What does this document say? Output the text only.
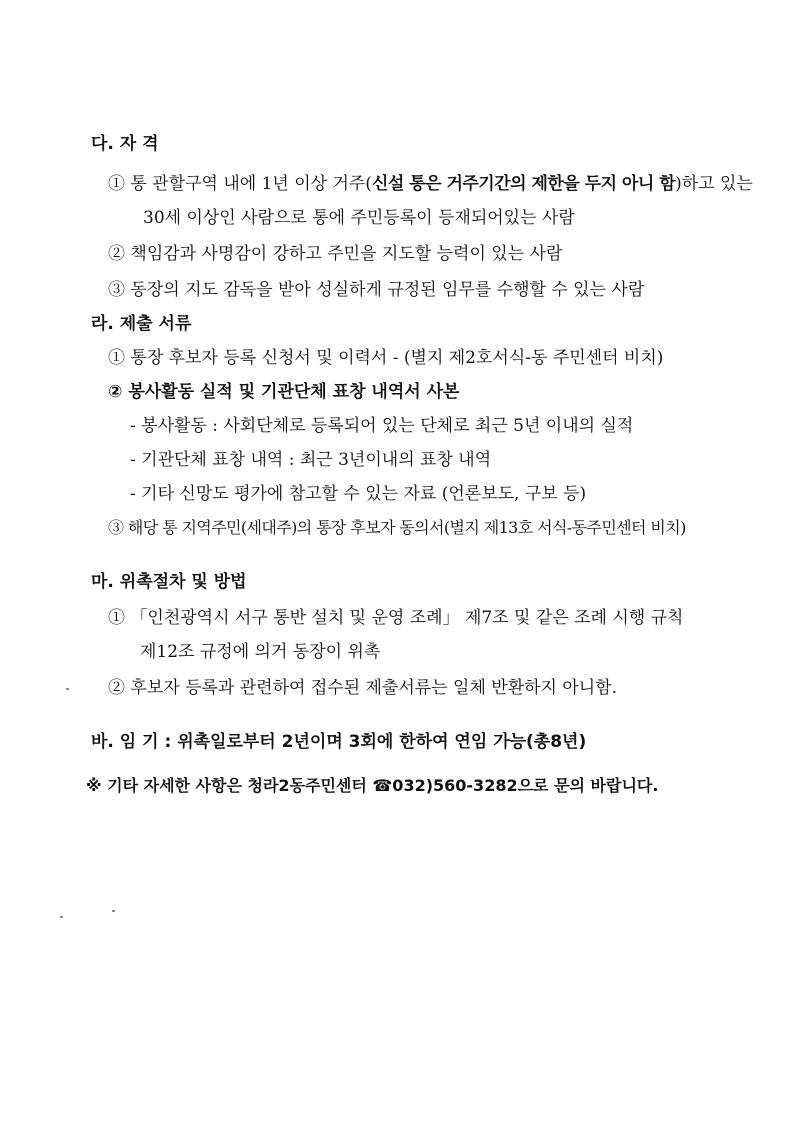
다. 자 격
① 통 관할구역 내에 1년 이상 거주(신설 통은 거주기간의 제한을 두지 아니 함)하고 있는
30세 이상인 사람으로 통에 주민등록이 등재되어있는 사람
② 책임감과 사명감이 강하고 주민을 지도할 능력이 있는 사람
③ 동장의 지도 감독을 받아 성실하게 규정된 임무를 수행할 수 있는 사람
라. 제출 서류
① 통장 후보자 등록 신청서 및 이력서 - (별지 제2호서식-동 주민센터 비치)
② 봉사활동 실적 및 기관단체 표창 내역서 사본
- 봉사활동 : 사회단체로 등록되어 있는 단체로 최근 5년 이내의 실적
- 기관단체 표창 내역 : 최근 3년이내의 표창 내역
- 기타 신망도 평가에 참고할 수 있는 자료 (언론보도, 구보 등)
③ 해당 통 지역주민(세대주)의 통장 후보자 동의서(별지 제13호 서식-동주민센터 비치)
마. 위촉절차 및 방법
① 「인천광역시 서구 통반 설치 및 운영 조례」 제7조 및 같은 조례 시행 규칙
제12조 규정에 의거 동장이 위촉
② 후보자 등록과 관련하여 접수된 제출서류는 일체 반환하지 아니함.
바. 임 기 : 위촉일로부터 2년이며 3회에 한하여 연임 가능(총8년)
※ 기타 자세한 사항은 청라2동주민센터 ☎032)560-3282으로 문의 바랍니다.
